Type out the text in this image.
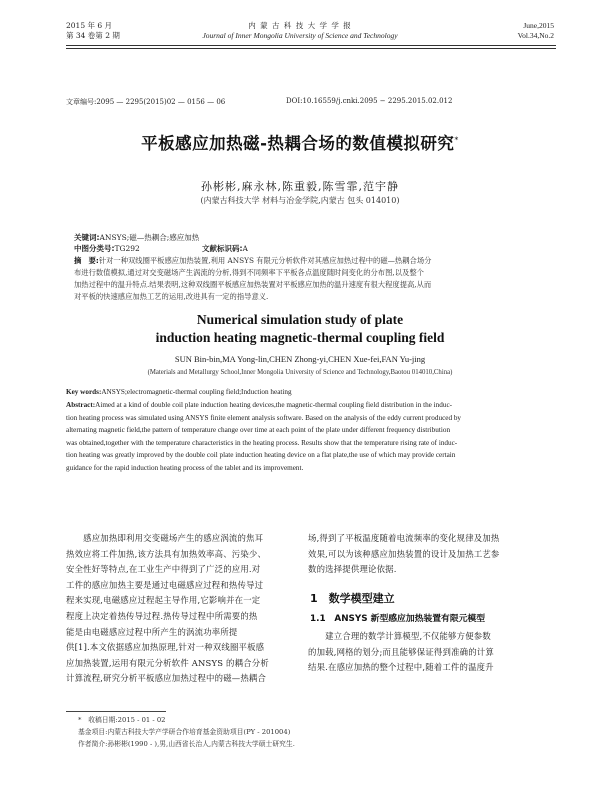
2015 年 6 月
第 34 卷第 2 期
内 蒙 古 科 技 大 学 学 报
Journal of Inner Mongolia University of Science and Technology
June,2015
Vol.34,No.2
文章编号:2095 — 2295(2015)02 — 0156 — 06	DOI:10.16559/j.cnki.2095 − 2295.2015.02.012
平板感应加热磁-热耦合场的数值模拟研究*
孙彬彬,麻永林,陈重毅,陈雪霏,范宇静
(内蒙古科技大学 材料与冶金学院,内蒙古 包头 014010)
关键词:ANSYS;磁—热耦合;感应加热
中图分类号:TG292	文献标识码:A
摘　要:针对一种双线圈平板感应加热装置,利用 ANSYS 有限元分析软件对其感应加热过程中的磁—热耦合场分
布进行数值模拟,通过对交变磁场产生涡流的分析,得到不同频率下平板各点温度随时间变化的分布图,以及整个
加热过程中的温升特点.结果表明,这种双线圈平板感应加热装置对平板感应加热的温升速度有很大程度提高,从而
对平板的快速感应加热工艺的运用,改进具有一定的指导意义.
Numerical simulation study of plate
induction heating magnetic-thermal coupling field
SUN Bin-bin,MA Yong-lin,CHEN Zhong-yi,CHEN Xue-fei,FAN Yu-jing
(Materials and Metallurgy School,Inner Mongolia University of Science and Technology,Baotou 014010,China)
Key words:ANSYS;electromagnetic-thermal coupling field;Induction heating
Abstract:Aimed at a kind of double coil plate induction heating devices,the magnetic-thermal coupling field distribution in the induc-
tion heating process was simulated using ANSYS finite element analysis software. Based on the analysis of the eddy current produced by
alternating magnetic field,the pattern of temperature change over time at each point of the plate under different frequency distribution
was obtained,together with the temperature characteristics in the heating process. Results show that the temperature rising rate of induc-
tion heating was greatly improved by the double coil plate induction heating device on a flat plate,the use of which may provide certain
guidance for the rapid induction heating process of the tablet and its improvement.
　　感应加热即利用交变磁场产生的感应涡流的焦耳
热效应将工件加热,该方法具有加热效率高、污染少、
安全性好等特点,在工业生产中得到了广泛的应用.对
工件的感应加热主要是通过电磁感应过程和热传导过
程来实现,电磁感应过程起主导作用,它影响并在一定
程度上决定着热传导过程.热传导过程中所需要的热
能是由电磁感应过程中所产生的涡流功率所提
供[1].本文依据感应加热原理,针对一种双线圈平板感
应加热装置,运用有限元分析软件 ANSYS 的耦合分析
计算流程,研究分析平板感应加热过程中的磁—热耦合
场,得到了平板温度随着电流频率的变化规律及加热
效果,可以为该种感应加热装置的设计及加热工艺参
数的选择提供理论依据.
1　数学模型建立
1.1　ANSYS 新型感应加热装置有限元模型
　　建立合理的数学计算模型,不仅能够方便参数
的加载,网格的划分;而且能够保证得到准确的计算
结果.在感应加热的整个过程中,随着工件的温度升
*　收稿日期:2015 - 01 - 02
基金项目:内蒙古科技大学产学研合作培育基金资助项目(PY - 201004)
作者简介:孙彬彬(1990 - ),男,山西省长治人,内蒙古科技大学硕士研究生.
